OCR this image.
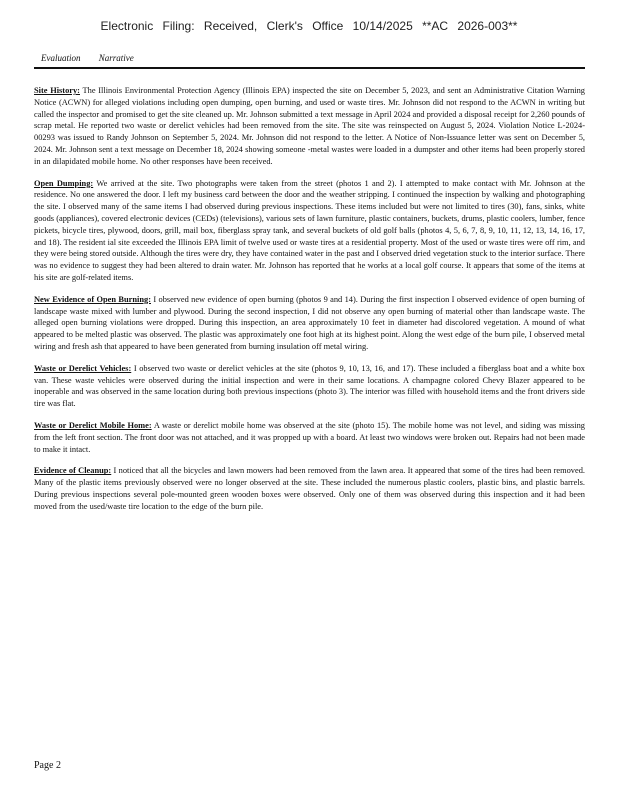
Electronic Filing: Received, Clerk's Office 10/14/2025 **AC 2026-003**
Evaluation Narrative

Site History: The Illinois Environmental Protection Agency (Illinois EPA) inspected the site on December 5, 2023, and sent an Administrative Citation Warning Notice (ACWN) for alleged violations including open dumping, open burning, and used or waste tires. Mr. Johnson did not respond to the ACWN in writing but called the inspector and promised to get the site cleaned up. Mr. Johnson submitted a text message in April 2024 and provided a disposal receipt for 2,260 pounds of scrap metal. He reported two waste or derelict vehicles had been removed from the site. The site was reinspected on August 5, 2024. Violation Notice L-2024-00293 was issued to Randy Johnson on September 5, 2024. Mr. Johnson did not respond to the letter. A Notice of Non-Issuance letter was sent on December 5, 2024. Mr. Johnson sent a text message on December 18, 2024 showing someone -metal wastes were loaded in a dumpster and other items had been properly stored in an dilapidated mobile home. No other responses have been received.

Open Dumping: We arrived at the site. Two photographs were taken from the street (photos 1 and 2). I attempted to make contact with Mr. Johnson at the residence. No one answered the door. I left my business card between the door and the weather stripping. I continued the inspection by walking and photographing the site. I observed many of the same items I had observed during previous inspections. These items included but were not limited to tires (30), fans, sinks, white goods (appliances), covered electronic devices (CEDs) (televisions), various sets of lawn furniture, plastic containers, buckets, drums, plastic coolers, lumber, fence pickets, bicycle tires, plywood, doors, grill, mail box, fiberglass spray tank, and several buckets of old golf balls (photos 4, 5, 6, 7, 8, 9, 10, 11, 12, 13, 14, 16, 17, and 18). The resident ial site exceeded the Illinois EPA limit of twelve used or waste tires at a residential property. Most of the used or waste tires were off rim, and they were being stored outside. Although the tires were dry, they have contained water in the past and I observed dried vegetation stuck to the interior surface. There was no evidence to suggest they had been altered to drain water. Mr. Johnson has reported that he works at a local golf course. It appears that some of the items at his site are golf-related items.

New Evidence of Open Burning: I observed new evidence of open burning (photos 9 and 14). During the first inspection I observed evidence of open burning of landscape waste mixed with lumber and plywood. During the second inspection, I did not observe any open burning of material other than landscape waste. The alleged open burning violations were dropped. During this inspection, an area approximately 10 feet in diameter had discolored vegetation. A mound of what appeared to be melted plastic was observed. The plastic was approximately one foot high at its highest point. Along the west edge of the burn pile, I observed metal wiring and fresh ash that appeared to have been generated from burning insulation off metal wiring.

Waste or Derelict Vehicles: I observed two waste or derelict vehicles at the site (photos 9, 10, 13, 16, and 17). These included a fiberglass boat and a white box van. These waste vehicles were observed during the initial inspection and were in their same locations. A champagne colored Chevy Blazer appeared to be inoperable and was observed in the same location during both previous inspections (photo 3). The interior was filled with household items and the front drivers side tire was flat.

Waste or Derelict Mobile Home: A waste or derelict mobile home was observed at the site (photo 15). The mobile home was not level, and siding was missing from the left front section. The front door was not attached, and it was propped up with a board. At least two windows were broken out. Repairs had not been made to make it intact.

Evidence of Cleanup: I noticed that all the bicycles and lawn mowers had been removed from the lawn area. It appeared that some of the tires had been removed. Many of the plastic items previously observed were no longer observed at the site. These included the numerous plastic coolers, plastic bins, and plastic barrels. During previous inspections several pole-mounted green wooden boxes were observed. Only one of them was observed during this inspection and it had been moved from the used/waste tire location to the edge of the burn pile.

Page 2
